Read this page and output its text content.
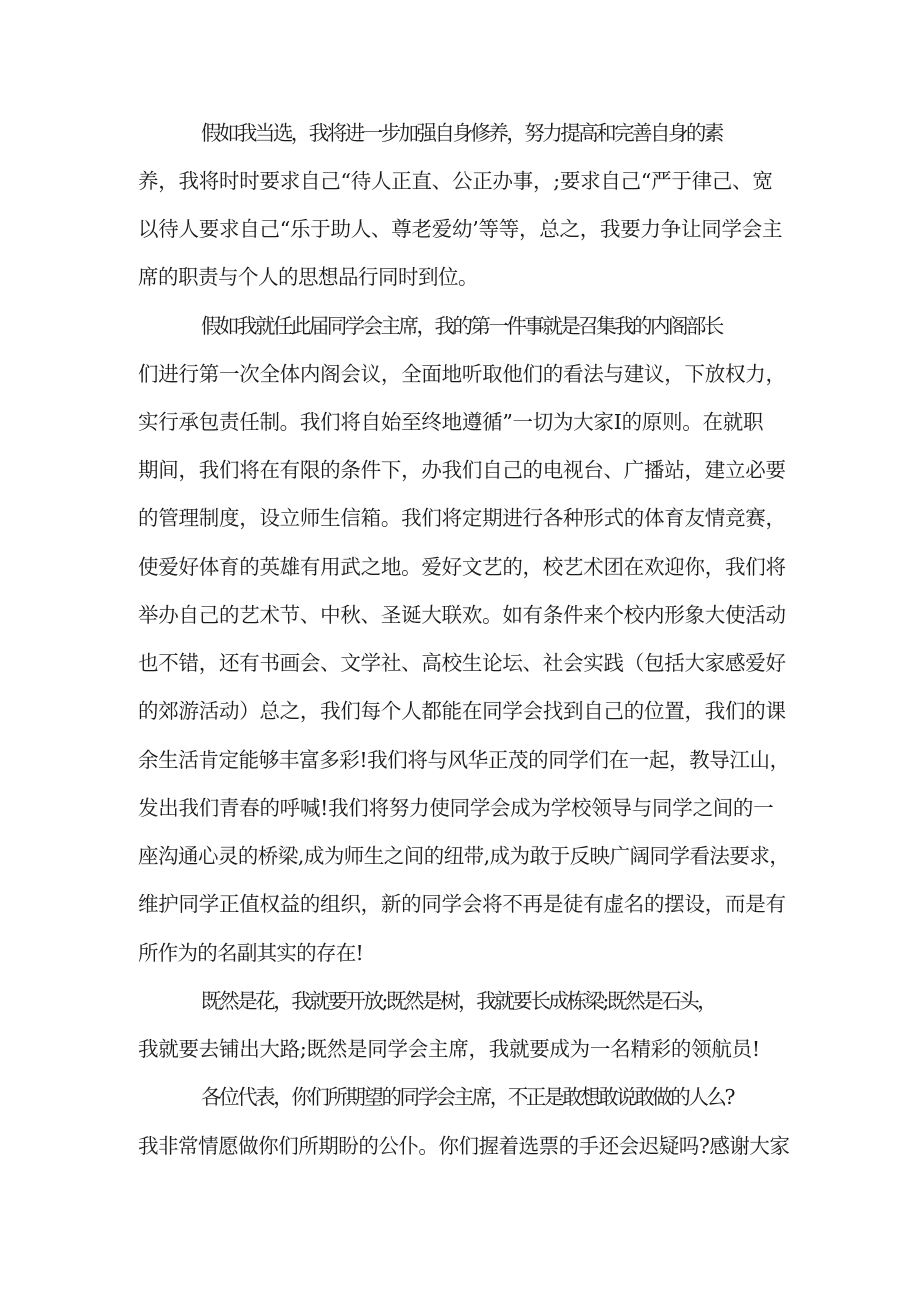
假如我当选，我将进一步加强自身修养，努力提高和完善自身的素
养，我将时时要求自己“待人正直、公正办事，;要求自己“严于律己、宽
以待人要求自己“乐于助人、尊老爱幼’等等，总之，我要力争让同学会主
席的职责与个人的思想品行同时到位。
假如我就任此届同学会主席，我的第一件事就是召集我的内阁部长
们进行第一次全体内阁会议，全面地听取他们的看法与建议，下放权力，
实行承包责任制。我们将自始至终地遵循”一切为大家I的原则。在就职
期间，我们将在有限的条件下，办我们自己的电视台、广播站，建立必要
的管理制度，设立师生信箱。我们将定期进行各种形式的体育友情竞赛，
使爱好体育的英雄有用武之地。爱好文艺的，校艺术团在欢迎你，我们将
举办自己的艺术节、中秋、圣诞大联欢。如有条件来个校内形象大使活动
也不错，还有书画会、文学社、高校生论坛、社会实践（包括大家感爱好
的郊游活动）总之，我们每个人都能在同学会找到自己的位置，我们的课
余生活肯定能够丰富多彩!我们将与风华正茂的同学们在一起，教导江山，
发出我们青春的呼喊!我们将努力使同学会成为学校领导与同学之间的一
座沟通心灵的桥梁,成为师生之间的纽带,成为敢于反映广阔同学看法要求，
维护同学正值权益的组织，新的同学会将不再是徒有虚名的摆设，而是有
所作为的名副其实的存在!
既然是花，我就要开放;既然是树，我就要长成栋梁;既然是石头，
我就要去铺出大路;既然是同学会主席，我就要成为一名精彩的领航员!
各位代表，你们所期望的同学会主席，不正是敢想敢说敢做的人么?
我非常情愿做你们所期盼的公仆。你们握着选票的手还会迟疑吗?感谢大家
